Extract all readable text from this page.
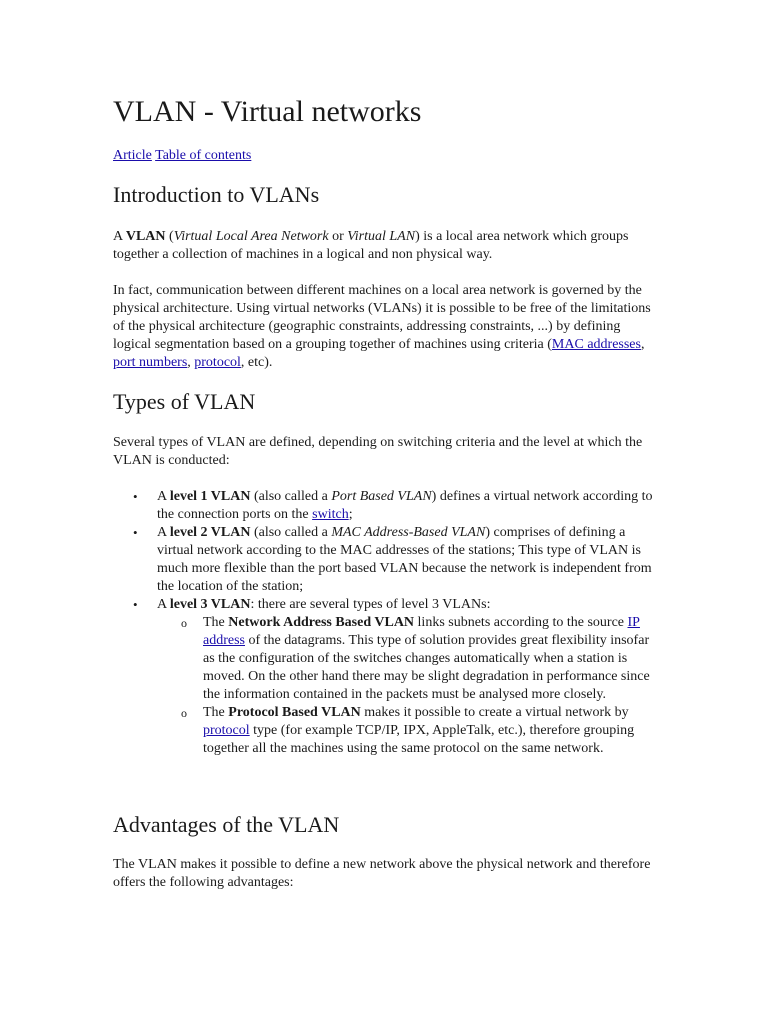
VLAN - Virtual networks
Article Table of contents
Introduction to VLANs

A VLAN (Virtual Local Area Network or Virtual LAN) is a local area network which groups together a collection of machines in a logical and non physical way.

In fact, communication between different machines on a local area network is governed by the physical architecture. Using virtual networks (VLANs) it is possible to be free of the limitations of the physical architecture (geographic constraints, addressing constraints, ...) by defining logical segmentation based on a grouping together of machines using criteria (MAC addresses, port numbers, protocol, etc).

Types of VLAN

Several types of VLAN are defined, depending on switching criteria and the level at which the VLAN is conducted:

• A level 1 VLAN (also called a Port Based VLAN) defines a virtual network according to the connection ports on the switch;
• A level 2 VLAN (also called a MAC Address-Based VLAN) comprises of defining a virtual network according to the MAC addresses of the stations; This type of VLAN is much more flexible than the port based VLAN because the network is independent from the location of the station;
• A level 3 VLAN: there are several types of level 3 VLANs:
o The Network Address Based VLAN links subnets according to the source IP address of the datagrams. This type of solution provides great flexibility insofar as the configuration of the switches changes automatically when a station is moved. On the other hand there may be slight degradation in performance since the information contained in the packets must be analysed more closely.
o The Protocol Based VLAN makes it possible to create a virtual network by protocol type (for example TCP/IP, IPX, AppleTalk, etc.), therefore grouping together all the machines using the same protocol on the same network.
Advantages of the VLAN

The VLAN makes it possible to define a new network above the physical network and therefore offers the following advantages:
